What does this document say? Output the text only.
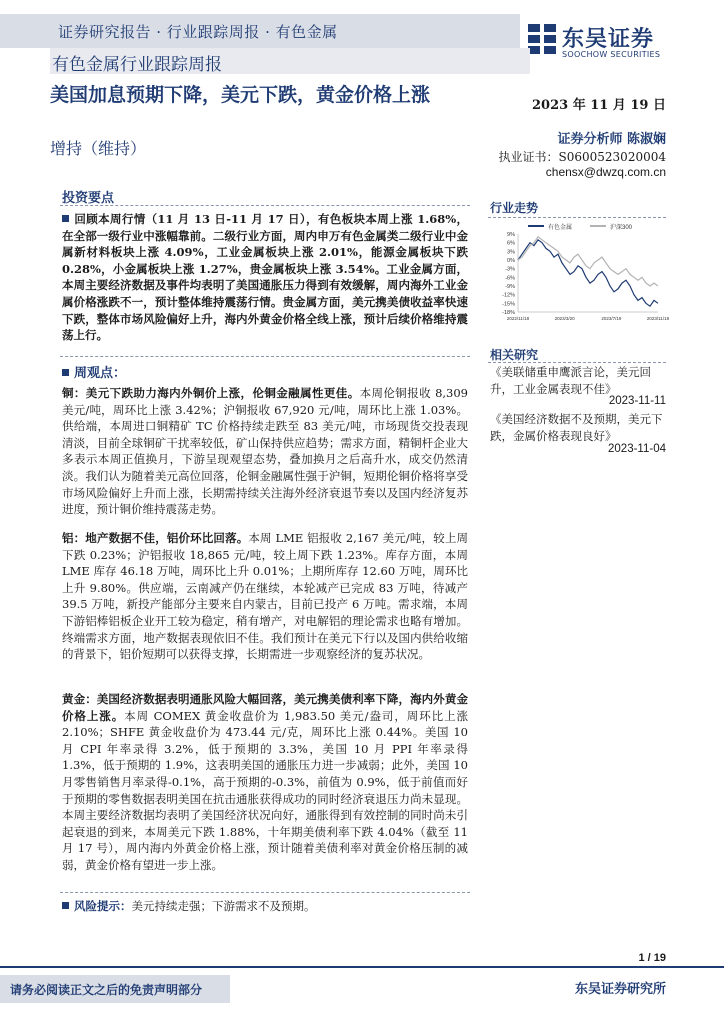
证券研究报告 · 行业跟踪周报 · 有色金属	东吴证券
SOOCHOW SECURITIES
有色金属行业跟踪周报
美国加息预期下降，美元下跌，黄金价格上涨
增持（维持）
2023 年 11 月 19 日
证券分析师 陈淑娴
执业证书：S0600523020004
chensx@dwzq.com.cn
投资要点
回顾本周行情（11 月 13 日-11 月 17 日），有色板块本周上涨 1.68%，在全部一级行业中涨幅靠前。二级行业方面，周内申万有色金属类二级行业中金属新材料板块上涨 4.09%，工业金属板块上涨 2.01%，能源金属板块下跌 0.28%，小金属板块上涨 1.27%，贵金属板块上涨 3.54%。工业金属方面，本周主要经济数据及事件均表明了美国通胀压力得到有效缓解，周内海外工业金属价格涨跌不一，预计整体维持震荡行情。贵金属方面，美元携美债收益率快速下跌，整体市场风险偏好上升，海内外黄金价格全线上涨，预计后续价格维持震荡上行。
周观点：
铜：美元下跌助力海内外铜价上涨，伦铜金融属性更佳。本周伦铜报收 8,309 美元/吨，周环比上涨 3.42%；沪铜报收 67,920 元/吨，周环比上涨 1.03%。供给端，本周进口铜精矿 TC 价格持续走跌至 83 美元/吨，市场现货交投表现清淡，目前全球铜矿干扰率较低，矿山保持供应趋势；需求方面，精铜杆企业大多表示本周正值换月，下游呈现观望态势，叠加换月之后高升水，成交仍然清淡。我们认为随着美元高位回落，伦铜金融属性强于沪铜，短期伦铜价格将享受市场风险偏好上升而上涨，长期需持续关注海外经济衰退节奏以及国内经济复苏进度，预计铜价维持震荡走势。
铝：地产数据不佳，铝价环比回落。本周 LME 铝报收 2,167 美元/吨，较上周下跌 0.23%；沪铝报收 18,865 元/吨，较上周下跌 1.23%。库存方面，本周 LME 库存 46.18 万吨，周环比上升 0.01%；上期所库存 12.60 万吨，周环比上升 9.80%。供应端，云南减产仍在继续，本轮减产已完成 83 万吨，待减产 39.5 万吨，新投产能部分主要来自内蒙古，目前已投产 6 万吨。需求端，本周下游铝棒铝板企业开工较为稳定，稍有增产，对电解铝的理论需求也略有增加。终端需求方面，地产数据表现依旧不佳。我们预计在美元下行以及国内供给收缩的背景下，铝价短期可以获得支撑，长期需进一步观察经济的复苏状况。
黄金：美国经济数据表明通胀风险大幅回落，美元携美债利率下降，海内外黄金价格上涨。本周 COMEX 黄金收盘价为 1,983.50 美元/盎司，周环比上涨 2.10%；SHFE 黄金收盘价为 473.44 元/克，周环比上涨 0.44%。美国 10 月 CPI 年率录得 3.2%，低于预期的 3.3%，美国 10 月 PPI 年率录得 1.3%，低于预期的 1.9%，这表明美国的通胀压力进一步减弱；此外，美国 10 月零售销售月率录得-0.1%，高于预期的-0.3%，前值为 0.9%，低于前值而好于预期的零售数据表明美国在抗击通胀获得成功的同时经济衰退压力尚未显现。本周主要经济数据均表明了美国经济状况向好，通胀得到有效控制的同时尚未引起衰退的到来，本周美元下跌 1.88%，十年期美债利率下跌 4.04%（截至 11 月 17 号），周内海内外黄金价格上涨，预计随着美债利率对黄金价格压制的减弱，黄金价格有望进一步上涨。
风险提示：美元持续走强；下游需求不及预期。
行业走势
有色金属	沪深300
9%
6%
3%
0%
-3%
-6%
-9%
-12%
-15%
-18%
2022/11/18	2023/3/20	2023/7/19	2023/11/18
相关研究
《美联储重申鹰派言论，美元回升，工业金属表现不佳》
2023-11-11
《美国经济数据不及预期，美元下跌，金属价格表现良好》
2023-11-04
1 / 19
请务必阅读正文之后的免责声明部分	东吴证券研究所
